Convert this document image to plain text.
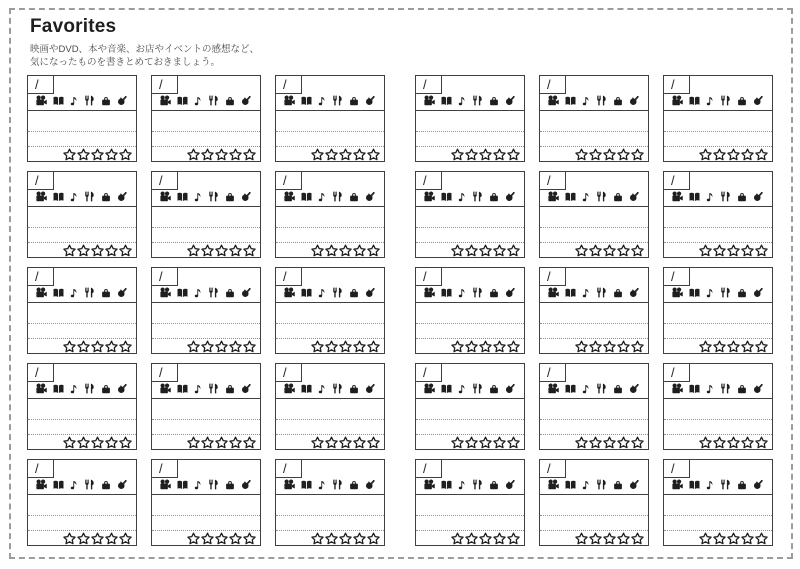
Favorites

映画やDVD、本や音楽、お店やイベントの感想など、

気になったものを書きとめておきましょう。

/	/	/
/	/	/
/	/	/
/	/	/
/	/	/
/	/	/
/	/	/
/	/	/
/	/	/
/	/	/
